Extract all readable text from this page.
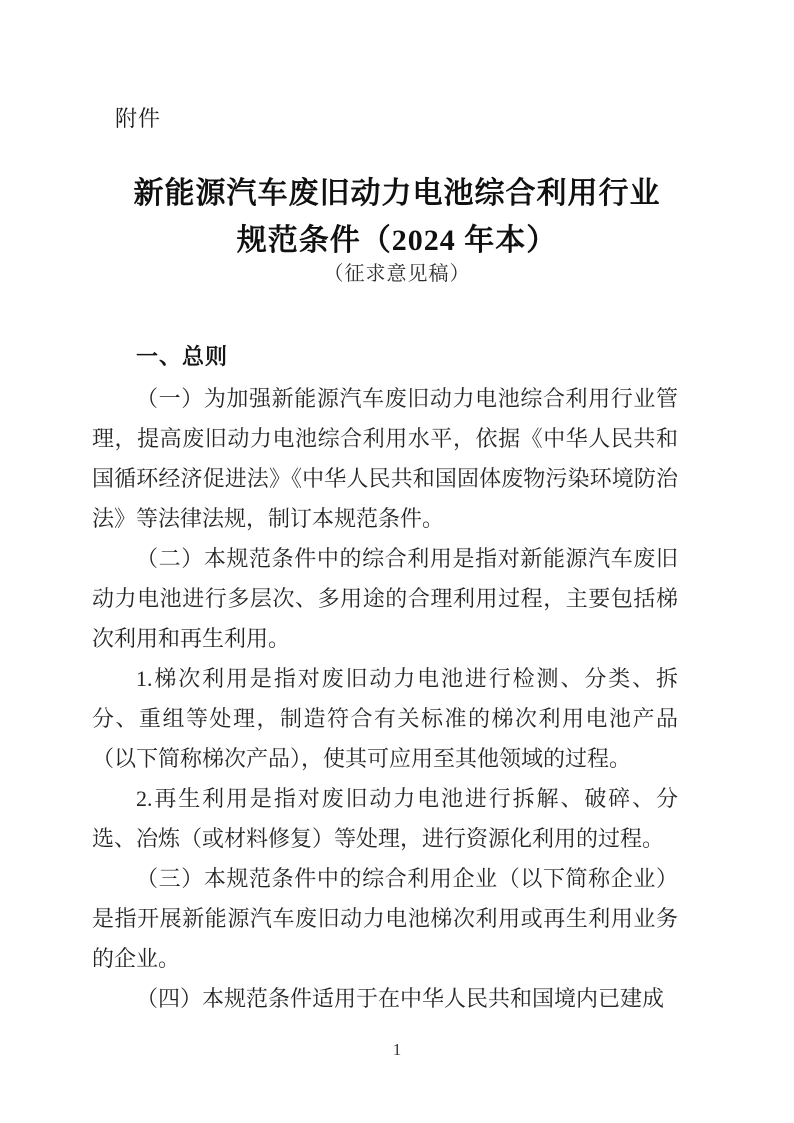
附件
新能源汽车废旧动力电池综合利用行业
规范条件（2024 年本）
（征求意见稿）
一、总则

（一）为加强新能源汽车废旧动力电池综合利用行业管理，提高废旧动力电池综合利用水平，依据《中华人民共和国循环经济促进法》《中华人民共和国固体废物污染环境防治法》等法律法规，制订本规范条件。

（二）本规范条件中的综合利用是指对新能源汽车废旧动力电池进行多层次、多用途的合理利用过程，主要包括梯次利用和再生利用。

1.梯次利用是指对废旧动力电池进行检测、分类、拆分、重组等处理，制造符合有关标准的梯次利用电池产品（以下简称梯次产品），使其可应用至其他领域的过程。

2.再生利用是指对废旧动力电池进行拆解、破碎、分选、冶炼（或材料修复）等处理，进行资源化利用的过程。

（三）本规范条件中的综合利用企业（以下简称企业）是指开展新能源汽车废旧动力电池梯次利用或再生利用业务的企业。

（四）本规范条件适用于在中华人民共和国境内已建成

1
